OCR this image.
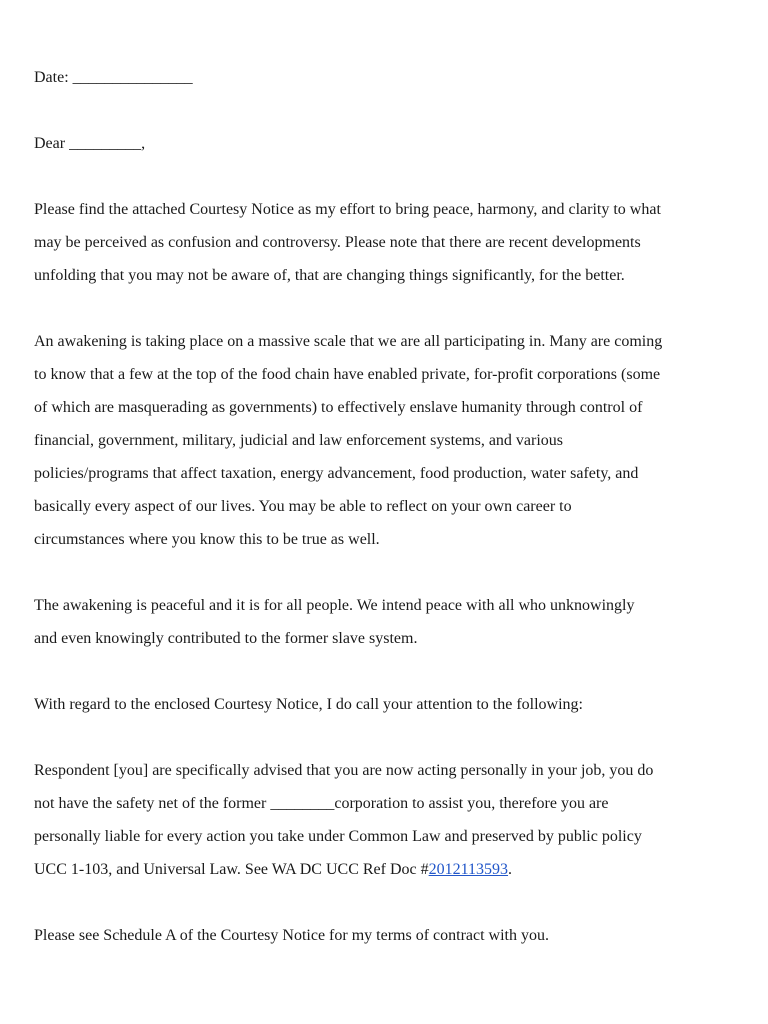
Date: _______________

Dear _________,

Please find the attached Courtesy Notice as my effort to bring peace, harmony, and clarity to what
may be perceived as confusion and controversy. Please note that there are recent developments
unfolding that you may not be aware of, that are changing things significantly, for the better.

An awakening is taking place on a massive scale that we are all participating in. Many are coming
to know that a few at the top of the food chain have enabled private, for-profit corporations (some
of which are masquerading as governments) to effectively enslave humanity through control of
financial, government, military, judicial and law enforcement systems, and various
policies/programs that affect taxation, energy advancement, food production, water safety, and
basically every aspect of our lives. You may be able to reflect on your own career to
circumstances where you know this to be true as well.

The awakening is peaceful and it is for all people. We intend peace with all who unknowingly
and even knowingly contributed to the former slave system.

With regard to the enclosed Courtesy Notice, I do call your attention to the following:

Respondent [you] are specifically advised that you are now acting personally in your job, you do
not have the safety net of the former ________corporation to assist you, therefore you are
personally liable for every action you take under Common Law and preserved by public policy
UCC 1-103, and Universal Law. See WA DC UCC Ref Doc #2012113593.

Please see Schedule A of the Courtesy Notice for my terms of contract with you.
